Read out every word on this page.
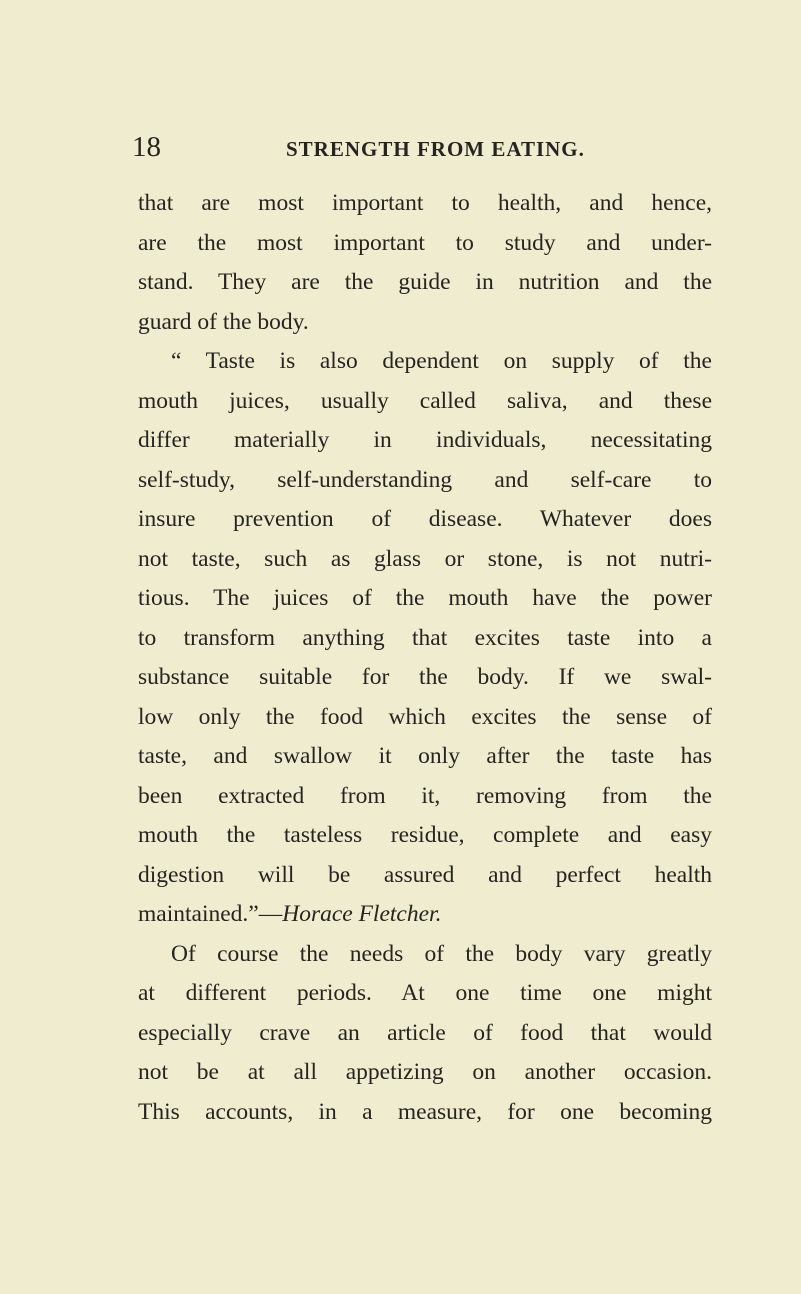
18	STRENGTH FROM EATING.
that are most important to health, and hence,
are the most important to study and under-
stand. They are the guide in nutrition and the
guard of the body.
“ Taste is also dependent on supply of the
mouth juices, usually called saliva, and these
differ materially in individuals, necessitating
self-study, self-understanding and self-care to
insure prevention of disease. Whatever does
not taste, such as glass or stone, is not nutri-
tious. The juices of the mouth have the power
to transform anything that excites taste into a
substance suitable for the body. If we swal-
low only the food which excites the sense of
taste, and swallow it only after the taste has
been extracted from it, removing from the
mouth the tasteless residue, complete and easy
digestion will be assured and perfect health
maintained.”—Horace Fletcher.
Of course the needs of the body vary greatly
at different periods. At one time one might
especially crave an article of food that would
not be at all appetizing on another occasion.
This accounts, in a measure, for one becoming
